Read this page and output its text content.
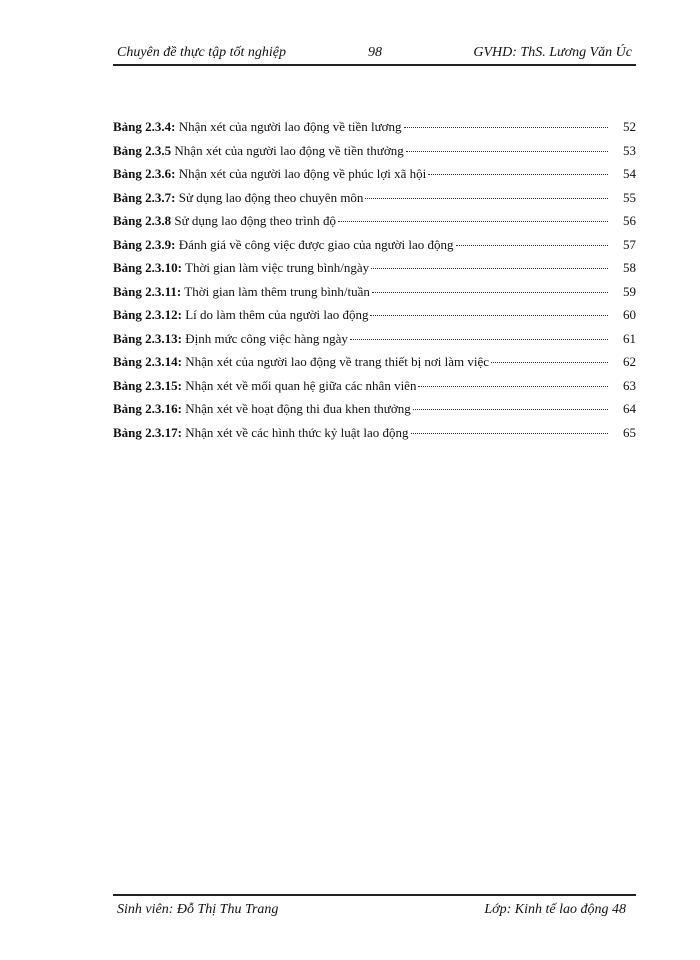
Chuyên đề thực tập tốt nghiệp	98	GVHD: ThS. Lương Văn Úc
Bảng 2.3.4: Nhận xét của người lao động về tiền lương	52
Bảng 2.3.5 Nhận xét của người lao động về tiền thưởng	53
Bảng 2.3.6: Nhận xét của người lao động về phúc lợi xã hội	54
Bảng 2.3.7: Sử dụng lao động theo chuyên môn	55
Bảng 2.3.8 Sử dụng lao động theo trình độ	56
Bảng 2.3.9: Đánh giá về công việc được giao của người lao động	57
Bảng 2.3.10: Thời gian làm việc trung bình/ngày	58
Bảng 2.3.11: Thời gian làm thêm trung bình/tuần	59
Bảng 2.3.12: Lí do làm thêm của người lao động	60
Bảng 2.3.13: Định mức công việc hàng ngày	61
Bảng 2.3.14: Nhận xét của người lao động về trang thiết bị nơi làm việc	62
Bảng 2.3.15: Nhận xét về mối quan hệ giữa các nhân viên	63
Bảng 2.3.16: Nhận xét về hoạt động thi đua khen thưởng	64
Bảng 2.3.17: Nhận xét về các hình thức kỷ luật lao động	65
Sinh viên: Đỗ Thị Thu Trang	Lớp: Kinh tế lao động 48
